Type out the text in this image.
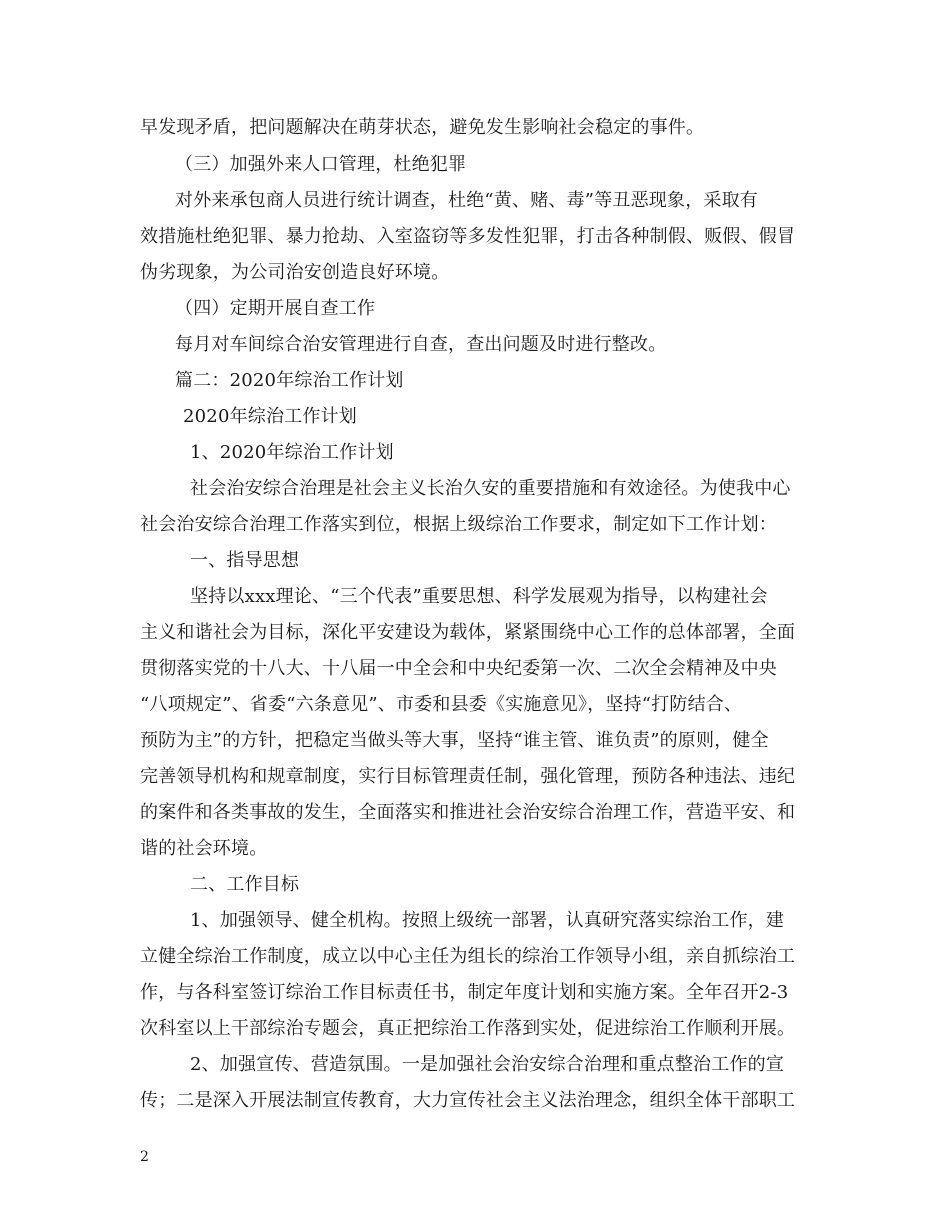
早发现矛盾，把问题解决在萌芽状态，避免发生影响社会稳定的事件。
（三）加强外来人口管理，杜绝犯罪
对外来承包商人员进行统计调查，杜绝“黄、赌、毒”等丑恶现象，采取有
效措施杜绝犯罪、暴力抢劫、入室盗窃等多发性犯罪，打击各种制假、贩假、假冒
伪劣现象，为公司治安创造良好环境。
（四）定期开展自查工作
每月对车间综合治安管理进行自查，查出问题及时进行整改。
篇二：2020年综治工作计划
2020年综治工作计划
1、2020年综治工作计划
社会治安综合治理是社会主义长治久安的重要措施和有效途径。为使我中心
社会治安综合治理工作落实到位，根据上级综治工作要求，制定如下工作计划：
一、指导思想
坚持以xxx理论、“三个代表”重要思想、科学发展观为指导，以构建社会
主义和谐社会为目标，深化平安建设为载体，紧紧围绕中心工作的总体部署，全面
贯彻落实党的十八大、十八届一中全会和中央纪委第一次、二次全会精神及中央
“八项规定”、省委“六条意见”、市委和县委《实施意见》，坚持“打防结合、
预防为主”的方针，把稳定当做头等大事，坚持“谁主管、谁负责”的原则，健全
完善领导机构和规章制度，实行目标管理责任制，强化管理，预防各种违法、违纪
的案件和各类事故的发生，全面落实和推进社会治安综合治理工作，营造平安、和
谐的社会环境。
二、工作目标
1、加强领导、健全机构。按照上级统一部署，认真研究落实综治工作，建
立健全综治工作制度，成立以中心主任为组长的综治工作领导小组，亲自抓综治工
作，与各科室签订综治工作目标责任书，制定年度计划和实施方案。全年召开2-3
次科室以上干部综治专题会，真正把综治工作落到实处，促进综治工作顺利开展。
2、加强宣传、营造氛围。一是加强社会治安综合治理和重点整治工作的宣
传；二是深入开展法制宣传教育，大力宣传社会主义法治理念，组织全体干部职工
2
